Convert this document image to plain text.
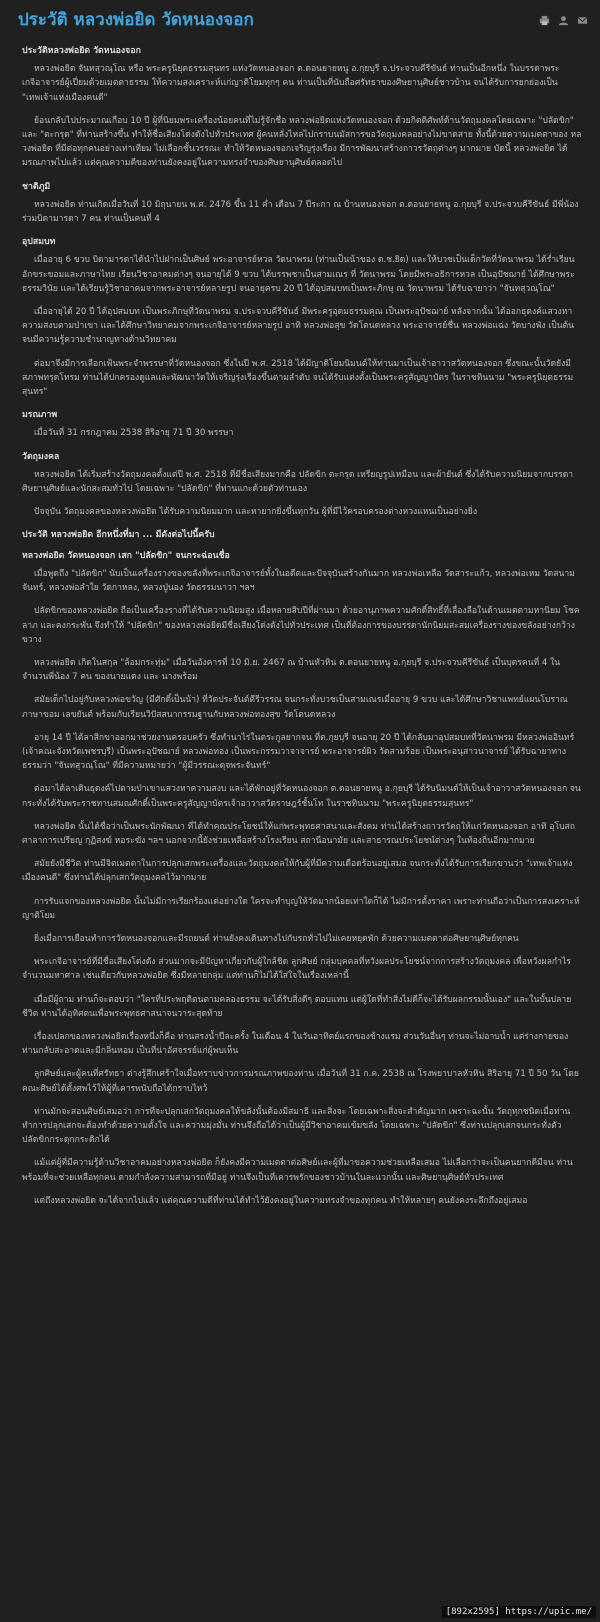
ประวัติ หลวงพ่อยิด วัดหนองจอก
ประวัติหลวงพ่อยิด วัดหนองจอก

หลวงพ่อยิด จันทสุวณฺโณ หรือ พระครูนิยุตธรรมสุนทร แห่งวัดหนองจอก ต.ดอนยายหนู อ.กุยบุรี จ.ประจวบคีรีขันธ์ ท่านเป็นอีกหนึ่ง ในบรรดาพระเกจิอาจารย์ผู้เปี่ยมด้วยเมตตาธรรม ให้ความสงเคราะห์แก่ญาติโยมทุกๆ คน ท่านเป็นที่นับถือศรัทธาของศิษยานุศิษย์ชาวบ้าน จนได้รับการยกย่องเป็น "เทพเจ้าแห่งเมืองคนดี"

ย้อนกลับไปประมาณเกือบ 10 ปี ผู้ที่นิยมพระเครื่องน้อยคนที่ไม่รู้จักชื่อ หลวงพ่อยิดแห่งวัดหนองจอก ด้วยกิตติศัพท์ด้านวัตถุมงคลโดยเฉพาะ "ปลัดขิก" และ "ตะกรุด" ที่ท่านสร้างขึ้น ทำให้ชื่อเสียงโด่งดังไปทั่วประเทศ ผู้คนหลั่งไหลไปกราบนมัสการขอวัตถุมงคลอย่างไม่ขาดสาย ทั้งนี้ด้วยความเมตตาของ หลวงพ่อยิด ที่มีต่อทุกคนอย่างเท่าเทียม ไม่เลือกชั้นวรรณะ ทำให้วัดหนองจอกเจริญรุ่งเรือง มีการพัฒนาสร้างถาวรวัตถุต่างๆ มากมาย บัดนี้ หลวงพ่อยิด ได้มรณภาพไปแล้ว แต่คุณความดีของท่านยังคงอยู่ในความทรงจำของศิษยานุศิษย์ตลอดไป

ชาติภูมิ

หลวงพ่อยิด ท่านเกิดเมื่อวันที่ 10 มิถุนายน พ.ศ. 2476 ขึ้น 11 ค่ำ เดือน 7 ปีระกา ณ บ้านหนองจอก ต.ดอนยายหนู อ.กุยบุรี จ.ประจวบคีรีขันธ์ มีพี่น้องร่วมบิดามารดา 7 คน ท่านเป็นคนที่ 4

อุปสมบท

เมื่ออายุ 6 ขวบ บิดามารดาได้นำไปฝากเป็นศิษย์ พระอาจารย์หวล วัดนาพรม (ท่านเป็นน้าของ ด.ช.ยิด) และให้บวชเป็นเด็กวัดที่วัดนาพรม ได้ร่ำเรียนอักขระขอมและภาษาไทย เรียนวิชาอาคมต่างๆ จนอายุได้ 9 ขวบ ได้บรรพชาเป็นสามเณร ที่ วัดนาพรม โดยมีพระอธิการหวล เป็นอุปัชฌาย์ ได้ศึกษาพระธรรมวินัย และได้เรียนรู้วิชาอาคมจากพระอาจารย์หลายรูป จนอายุครบ 20 ปี ได้อุปสมบทเป็นพระภิกษุ ณ วัดนาพรม ได้รับฉายาว่า "จันทสุวณฺโณ"

เมื่ออายุได้ 20 ปี ได้อุปสมบท เป็นพระภิกษุที่วัดนาพรม จ.ประจวบคีรีขันธ์ มีพระครูอุดมธรรมคุณ เป็นพระอุปัชฌาย์ หลังจากนั้น ได้ออกธุดงค์แสวงหาความสงบตามป่าเขา และได้ศึกษาวิทยาคมจากพระเกจิอาจารย์หลายรูป อาทิ หลวงพ่อสุข วัดโตนดหลวง พระอาจารย์ชื่น หลวงพ่อแฉ่ง วัดบางพัง เป็นต้น จนมีความรู้ความชำนาญทางด้านวิทยาคม

ต่อมาจึงมีการเลือกเฟ้นพระจำพรรษาที่วัดหนองจอก ซึ่งในปี พ.ศ. 2518 ได้มีญาติโยมนิมนต์ให้ท่านมาเป็นเจ้าอาวาสวัดหนองจอก ซึ่งขณะนั้นวัดยังมีสภาพทรุดโทรม ท่านได้ปกครองดูแลและพัฒนาวัดให้เจริญรุ่งเรืองขึ้นตามลำดับ จนได้รับแต่งตั้งเป็นพระครูสัญญาบัตร ในราชทินนาม "พระครูนิยุตธรรมสุนทร"

มรณภาพ

เมื่อวันที่ 31 กรกฎาคม 2538 สิริอายุ 71 ปี 30 พรรษา

วัตถุมงคล

หลวงพ่อยิด ได้เริ่มสร้างวัตถุมงคลตั้งแต่ปี พ.ศ. 2518 ที่มีชื่อเสียงมากคือ ปลัดขิก ตะกรุด เหรียญรูปเหมือน และผ้ายันต์ ซึ่งได้รับความนิยมจากบรรดาศิษยานุศิษย์และนักสะสมทั่วไป โดยเฉพาะ "ปลัดขิก" ที่ท่านแกะด้วยตัวท่านเอง

ปัจจุบัน วัตถุมงคลของหลวงพ่อยิด ได้รับความนิยมมาก และหายากยิ่งขึ้นทุกวัน ผู้ที่มีไว้ครอบครองต่างหวงแหนเป็นอย่างยิ่ง

ประวัติ หลวงพ่อยิด อีกหนึ่งที่มา ... มีดังต่อไปนี้ครับ
หลวงพ่อยิด วัดหนองจอก เสก "ปลัดขิก" จนกระฉ่อนชื่อ

เมื่อพูดถึง "ปลัดขิก" นับเป็นเครื่องรางของขลังที่พระเกจิอาจารย์ทั้งในอดีตและปัจจุบันสร้างกันมาก หลวงพ่อเหลือ วัดสาระแก้ว, หลวงพ่อเหม วัดสนามจันทร์, หลวงพ่อลำใย วัดกาหลง, หลวงปู่นอง วัดธรรมนาวา ฯลฯ

ปลัดขิกของหลวงพ่อยิด ถือเป็นเครื่องรางที่ได้รับความนิยมสูง เมื่อหลายสิบปีที่ผ่านมา ด้วยอานุภาพความศักดิ์สิทธิ์ที่เลื่องลือในด้านเมตตามหานิยม โชคลาภ และคงกระพัน จึงทำให้ "ปลัดขิก" ของหลวงพ่อยิดมีชื่อเสียงโด่งดังไปทั่วประเทศ เป็นที่ต้องการของบรรดานักนิยมสะสมเครื่องรางของขลังอย่างกว้างขวาง

หลวงพ่อยิด เกิดในสกุล "ล้อมกระทุ่ม" เมื่อวันอังคารที่ 10 มิ.ย. 2467 ณ บ้านหัวหิน ต.ดอนยายหนู อ.กุยบุรี จ.ประจวบคีรีขันธ์ เป็นบุตรคนที่ 4 ในจำนวนพี่น้อง 7 คน ของนายแดง และ นางพร้อม

สมัยเด็กไปอยู่กับหลวงพ่อขวัญ (มีศักดิ์เป็นน้า) ที่วัดประจันต์คีรีวรรณ จนกระทั่งบวชเป็นสามเณรเมื่ออายุ 9 ขวบ และได้ศึกษาวิชาแพทย์แผนโบราณ ภาษาขอม เลขยันต์ พร้อมกับเรียนวิปัสสนากรรมฐานกับหลวงพ่อทองสุข วัดโตนดหลวง

อายุ 14 ปี ได้ลาสิกขาออกมาช่วยงานครอบครัว ซึ่งทำนาไร่ในตระกูลยากจน ที่ต.กุยบุรี จนอายุ 20 ปี ได้กลับมาอุปสมบทที่วัดนาพรม มีหลวงพ่ออินทร์ (เจ้าคณะจังหวัดเพชรบุรี) เป็นพระอุปัชฌาย์ หลวงพ่อทอง เป็นพระกรรมวาจาจารย์ พระอาจารย์ผิว วัดสามร้อย เป็นพระอนุสาวนาจารย์ ได้รับฉายาทางธรรมว่า "จันทสุวณฺโณ" ที่มีความหมายว่า "ผู้มีวรรณะดุจพระจันทร์"

ต่อมาได้ลาเดินธุดงค์ไปตามป่าเขาแสวงหาความสงบ และได้พักอยู่ที่วัดหนองจอก ต.ดอนยายหนู อ.กุยบุรี ได้รับนิมนต์ให้เป็นเจ้าอาวาสวัดหนองจอก จนกระทั่งได้รับพระราชทานสมณศักดิ์เป็นพระครูสัญญาบัตรเจ้าอาวาสวัดราษฎร์ชั้นโท ในราชทินนาม "พระครูนิยุตธรรมสุนทร"

หลวงพ่อยิด นั้นได้ชื่อว่าเป็นพระนักพัฒนา ที่ได้ทำคุณประโยชน์ให้แก่พระพุทธศาสนาและสังคม ท่านได้สร้างถาวรวัตถุให้แก่วัดหนองจอก อาทิ อุโบสถ ศาลาการเปรียญ กุฏิสงฆ์ หอระฆัง ฯลฯ นอกจากนี้ยังช่วยเหลือสร้างโรงเรียน สถานีอนามัย และสาธารณประโยชน์ต่างๆ ในท้องถิ่นอีกมากมาย

สมัยยังมีชีวิต ท่านมีจิตเมตตาในการปลุกเสกพระเครื่องและวัตถุมงคลให้กับผู้ที่มีความเดือดร้อนอยู่เสมอ จนกระทั่งได้รับการเรียกขานว่า "เทพเจ้าแห่งเมืองคนดี" ซึ่งท่านได้ปลุกเสกวัตถุมงคลไว้มากมาย

การรับแจกของหลวงพ่อยิด นั้นไม่มีการเรียกร้องแต่อย่างใด ใครจะทำบุญให้วัดมากน้อยเท่าใดก็ได้ ไม่มีการตั้งราคา เพราะท่านถือว่าเป็นการสงเคราะห์ญาติโยม

ยิ่งเมื่อการเยือนทำการวัดหนองจอกและมีรถยนต์ ท่านยังคงเดินทางไปกับรถทั่วไปไม่เคยหยุดพัก ด้วยความเมตตาต่อศิษยานุศิษย์ทุกคน

พระเกจิอาจารย์ที่มีชื่อเสียงโด่งดัง ส่วนมากจะมีปัญหาเกี่ยวกับผู้ใกล้ชิด ลูกศิษย์ กลุ่มบุคคลที่หวังผลประโยชน์จากการสร้างวัตถุมงคล เพื่อหวังผลกำไรจำนวนมหาศาล เช่นเดียวกับหลวงพ่อยิด ซึ่งมีหลายกลุ่ม แต่ท่านก็ไม่ได้ใส่ใจในเรื่องเหล่านี้

เมื่อมีผู้ถาม ท่านก็จะตอบว่า "ใครที่ประพฤติตนตามคลองธรรม จะได้รับสิ่งดีๆ ตอบแทน แต่ผู้ใดที่ทำสิ่งไม่ดีก็จะได้รับผลกรรมนั้นเอง" และในบั้นปลายชีวิต ท่านได้อุทิศตนเพื่อพระพุทธศาสนาจนวาระสุดท้าย

เรื่องเปลกของหลวงพ่อยิดเรื่องหนึ่งก็คือ ท่านสรงน้ำปีละครั้ง ในเดือน 4 ในวันอาทิตย์แรกของข้างแรม ส่วนวันอื่นๆ ท่านจะไม่อาบน้ำ แต่ร่างกายของท่านกลับสะอาดและมีกลิ่นหอม เป็นที่น่าอัศจรรย์แก่ผู้พบเห็น

ลูกศิษย์และผู้คนที่ศรัทธา ต่างรู้สึกเศร้าใจเมื่อทราบข่าวการมรณภาพของท่าน เมื่อวันที่ 31 ก.ค. 2538 ณ โรงพยาบาลหัวหิน สิริอายุ 71 ปี 50 วัน โดยคณะศิษย์ได้ตั้งศพไว้ให้ผู้ที่เคารพนับถือได้กราบไหว้

ท่านมักจะสอนศิษย์เสมอว่า การที่จะปลุกเสกวัตถุมงคลให้ขลังนั้นต้องมีสมาธิ และสิ่งจะ โดยเฉพาะสิ่งจะสำคัญมาก เพราะฉะนั้น วัตถุทุกชนิดเมื่อท่านทำการปลุกเสกจะต้องทำด้วยความตั้งใจ และความมุ่งมั่น ท่านจึงถือได้ว่าเป็นผู้มีวิชาอาคมเข้มขลัง โดยเฉพาะ "ปลัดขิก" ซึ่งท่านปลุกเสกจนกระทั่งตัวปลัดขิกกระดุกกระดิกได้

แม้แต่ผู้ที่มีความรู้ด้านวิชาอาคมอย่างหลวงพ่อยิด ก็ยังคงมีความเมตตาต่อศิษย์และผู้ที่มาขอความช่วยเหลือเสมอ ไม่เลือกว่าจะเป็นคนยากดีมีจน ท่านพร้อมที่จะช่วยเหลือทุกคน ตามกำลังความสามารถที่มีอยู่ ท่านจึงเป็นที่เคารพรักของชาวบ้านในละแวกนั้น และศิษยานุศิษย์ทั่วประเทศ

แต่ถึงหลวงพ่อยิด จะได้จากไปแล้ว แต่คุณความดีที่ท่านได้ทำไว้ยังคงอยู่ในความทรงจำของทุกคน ทำให้หลายๆ คนยังคงระลึกถึงอยู่เสมอ

[892x2595] https://upic.me/
